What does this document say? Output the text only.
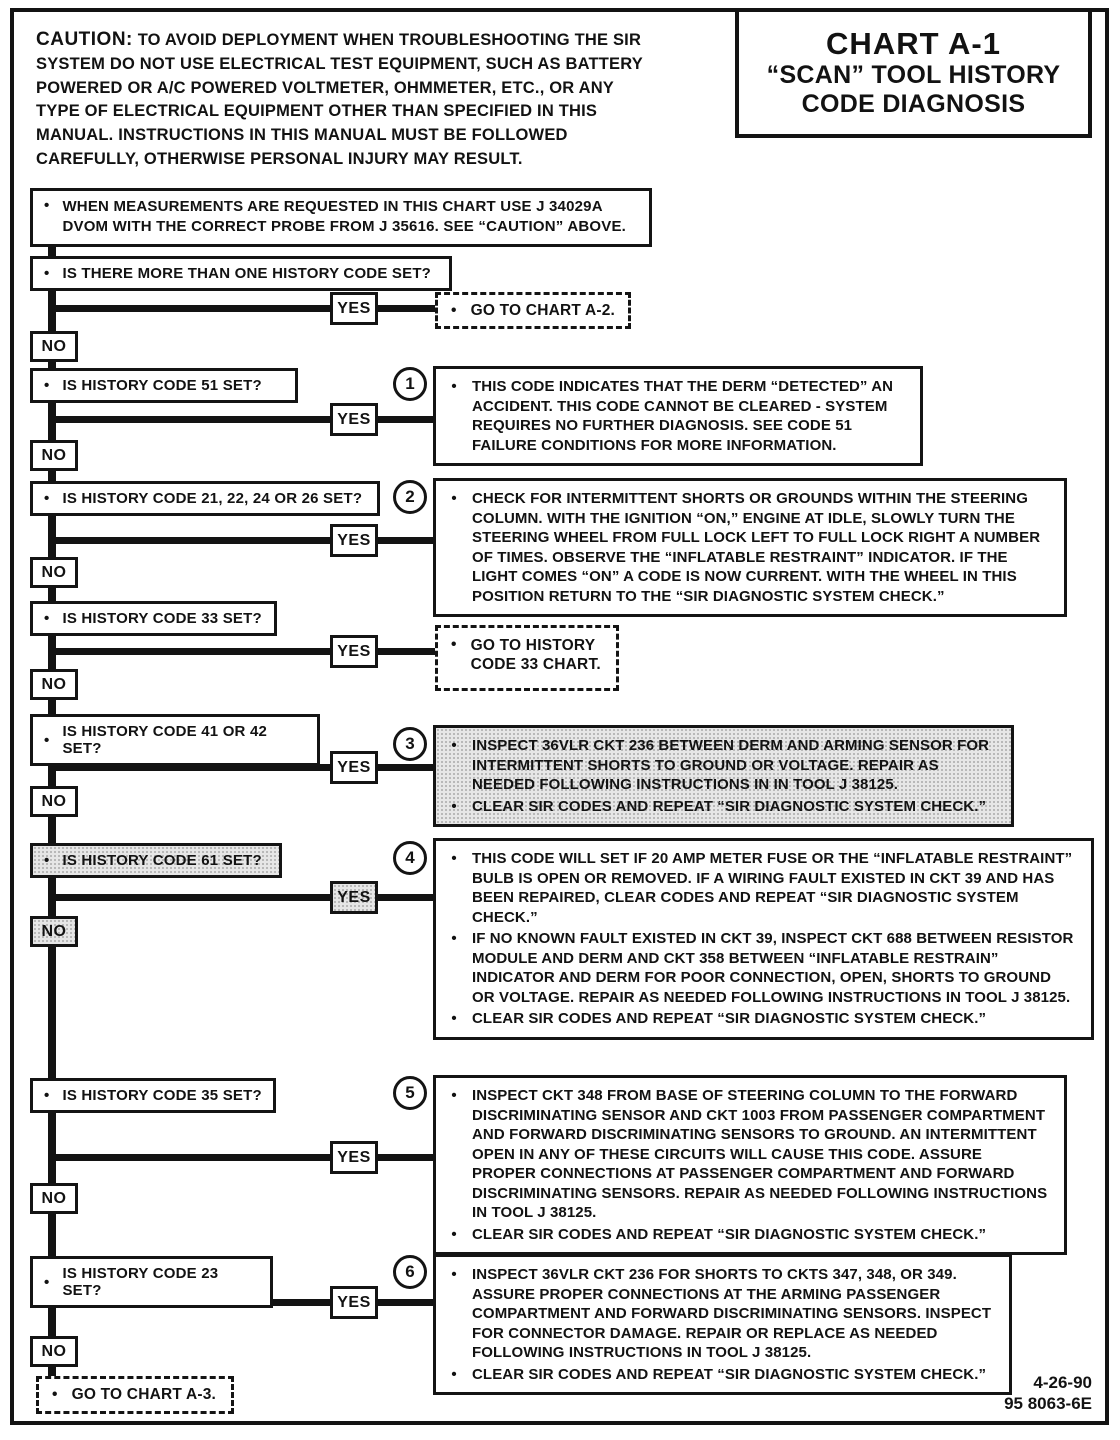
CAUTION: TO AVOID DEPLOYMENT WHEN TROUBLESHOOTING THE SIR SYSTEM DO NOT USE ELECTRICAL TEST EQUIPMENT, SUCH AS BATTERY POWERED OR A/C POWERED VOLTMETER, OHMMETER, ETC., OR ANY TYPE OF ELECTRICAL EQUIPMENT OTHER THAN SPECIFIED IN THIS MANUAL. INSTRUCTIONS IN THIS MANUAL MUST BE FOLLOWED CAREFULLY, OTHERWISE PERSONAL INJURY MAY RESULT.
CHART A-1
“SCAN” TOOL HISTORY
CODE DIAGNOSIS
• WHEN MEASUREMENTS ARE REQUESTED IN THIS CHART USE J 34029A DVOM WITH THE CORRECT PROBE FROM J 35616. SEE “CAUTION” ABOVE.
• IS THERE MORE THAN ONE HISTORY CODE SET?
YES	• GO TO CHART A-2.
NO
• IS HISTORY CODE 51 SET?	1	•	THIS CODE INDICATES THAT THE DERM “DETECTED” AN ACCIDENT. THIS CODE CANNOT BE CLEARED - SYSTEM REQUIRES NO FURTHER DIAGNOSIS. SEE CODE 51 FAILURE CONDITIONS FOR MORE INFORMATION.
YES
NO
• IS HISTORY CODE 21, 22, 24 OR 26 SET?	2	•	CHECK FOR INTERMITTENT SHORTS OR GROUNDS WITHIN THE STEERING COLUMN. WITH THE IGNITION “ON,” ENGINE AT IDLE, SLOWLY TURN THE STEERING WHEEL FROM FULL LOCK LEFT TO FULL LOCK RIGHT A NUMBER OF TIMES. OBSERVE THE “INFLATABLE RESTRAINT” INDICATOR. IF THE LIGHT COMES “ON” A CODE IS NOW CURRENT. WITH THE WHEEL IN THIS POSITION RETURN TO THE “SIR DIAGNOSTIC SYSTEM CHECK.”
YES
NO
• IS HISTORY CODE 33 SET?
• GO TO HISTORY
CODE 33 CHART.
YES
NO
• IS HISTORY CODE 41 OR 42 SET?	3	•	INSPECT 36VLR CKT 236 BETWEEN DERM AND ARMING SENSOR FOR INTERMITTENT SHORTS TO GROUND OR VOLTAGE. REPAIR AS NEEDED FOLLOWING INSTRUCTIONS IN IN TOOL J 38125.
•	CLEAR SIR CODES AND REPEAT “SIR DIAGNOSTIC SYSTEM CHECK.”
YES
NO
• IS HISTORY CODE 61 SET?	4	•	THIS CODE WILL SET IF 20 AMP METER FUSE OR THE “INFLATABLE RESTRAINT” BULB IS OPEN OR REMOVED. IF A WIRING FAULT EXISTED IN CKT 39 AND HAS BEEN REPAIRED, CLEAR CODES AND REPEAT “SIR DIAGNOSTIC SYSTEM CHECK.”
•	IF NO KNOWN FAULT EXISTED IN CKT 39, INSPECT CKT 688 BETWEEN RESISTOR MODULE AND DERM AND CKT 358 BETWEEN “INFLATABLE RESTRAIN” INDICATOR AND DERM FOR POOR CONNECTION, OPEN, SHORTS TO GROUND OR VOLTAGE. REPAIR AS NEEDED FOLLOWING INSTRUCTIONS IN TOOL J 38125.
•	CLEAR SIR CODES AND REPEAT “SIR DIAGNOSTIC SYSTEM CHECK.”
YES
NO
• IS HISTORY CODE 35 SET?	5	•	INSPECT CKT 348 FROM BASE OF STEERING COLUMN TO THE FORWARD DISCRIMINATING SENSOR AND CKT 1003 FROM PASSENGER COMPARTMENT AND FORWARD DISCRIMINATING SENSORS TO GROUND. AN INTERMITTENT OPEN IN ANY OF THESE CIRCUITS WILL CAUSE THIS CODE. ASSURE PROPER CONNECTIONS AT PASSENGER COMPARTMENT AND FORWARD DISCRIMINATING SENSORS. REPAIR AS NEEDED FOLLOWING INSTRUCTIONS IN TOOL J 38125.
•	CLEAR SIR CODES AND REPEAT “SIR DIAGNOSTIC SYSTEM CHECK.”
YES
NO
• IS HISTORY CODE 23 SET?
6	•	INSPECT 36VLR CKT 236 FOR SHORTS TO CKTS 347, 348, OR 349. ASSURE PROPER CONNECTIONS AT THE ARMING PASSENGER COMPARTMENT AND FORWARD DISCRIMINATING SENSORS. INSPECT FOR CONNECTOR DAMAGE. REPAIR OR REPLACE AS NEEDED FOLLOWING INSTRUCTIONS IN TOOL J 38125.
•	CLEAR SIR CODES AND REPEAT “SIR DIAGNOSTIC SYSTEM CHECK.”
YES
NO
• GO TO CHART A-3.
4-26-90
95 8063-6E
